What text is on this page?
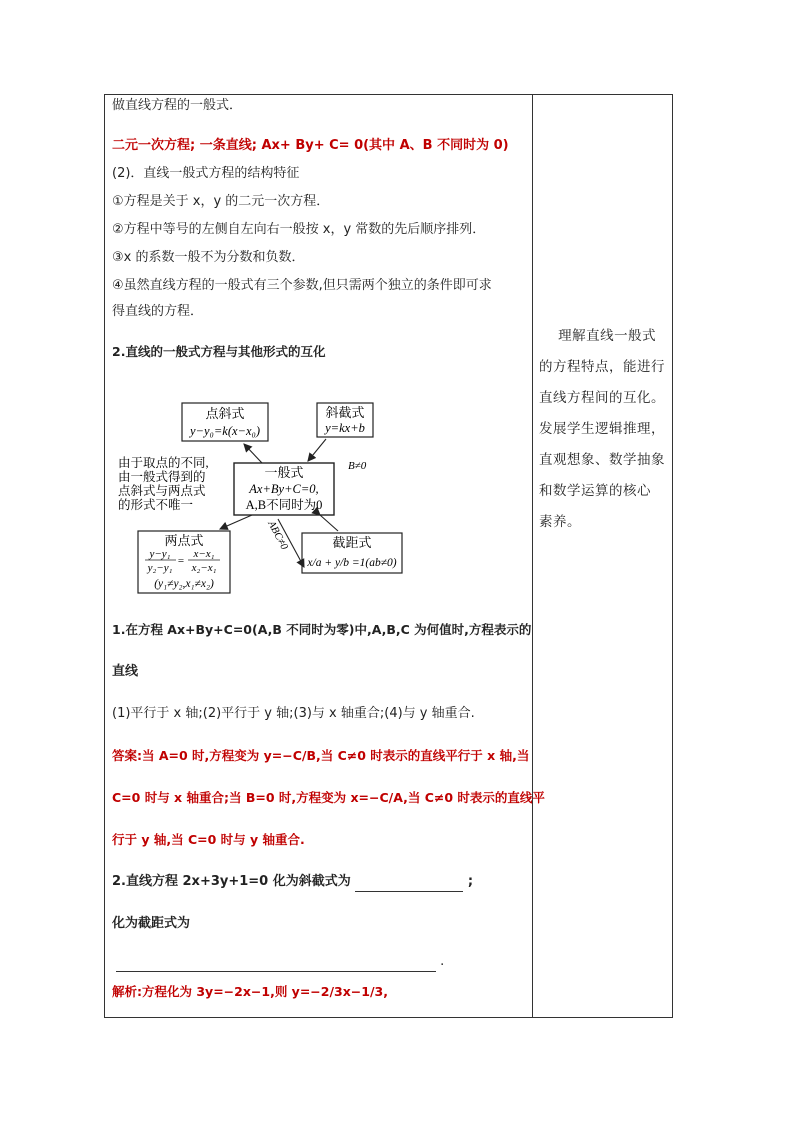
做直线方程的一般式．
二元一次方程; 一条直线; Ax+ By+ C= 0(其中 A、B 不同时为 0)
(2)．直线一般式方程的结构特征
①方程是关于 x，y 的二元一次方程．
②方程中等号的左侧自左向右一般按 x，y 常数的先后顺序排列．
③x 的系数一般不为分数和负数．
④虽然直线方程的一般式有三个参数,但只需两个独立的条件即可求
得直线的方程．
2.直线的一般式方程与其他形式的互化
点斜式
y−y₀=k(x−x₀)
斜截式
y=kx+b
一般式
Ax+By+C=0,
A,B不同时为0
两点式
y−y₁
y₂−y₁
=
x−x₁
x₂−x₁
(y₁≠y₂,x₁≠x₂)
截距式
x/a + y/b =1(ab≠0)
B≠0
ABC≠0
由于取点的不同,
由一般式得到的
点斜式与两点式
的形式不唯一
1.在方程 Ax+By+C=0(A,B 不同时为零)中,A,B,C 为何值时,方程表示的
直线
(1)平行于 x 轴;(2)平行于 y 轴;(3)与 x 轴重合;(4)与 y 轴重合.
答案:当 A=0 时,方程变为 y=−C/B,当 C≠0 时表示的直线平行于 x 轴,当
C=0 时与 x 轴重合;当 B=0 时,方程变为 x=−C/A,当 C≠0 时表示的直线平
行于 y 轴,当 C=0 时与 y 轴重合.
2.直线方程 2x+3y+1=0 化为斜截式为	;
化为截距式为
.
解析:方程化为 3y=−2x−1,则 y=−2/3x−1/3,
理解直线一般式
的方程特点，能进行
直线方程间的互化。
发展学生逻辑推理，
直观想象、数学抽象
和数学运算的核心
素养。
